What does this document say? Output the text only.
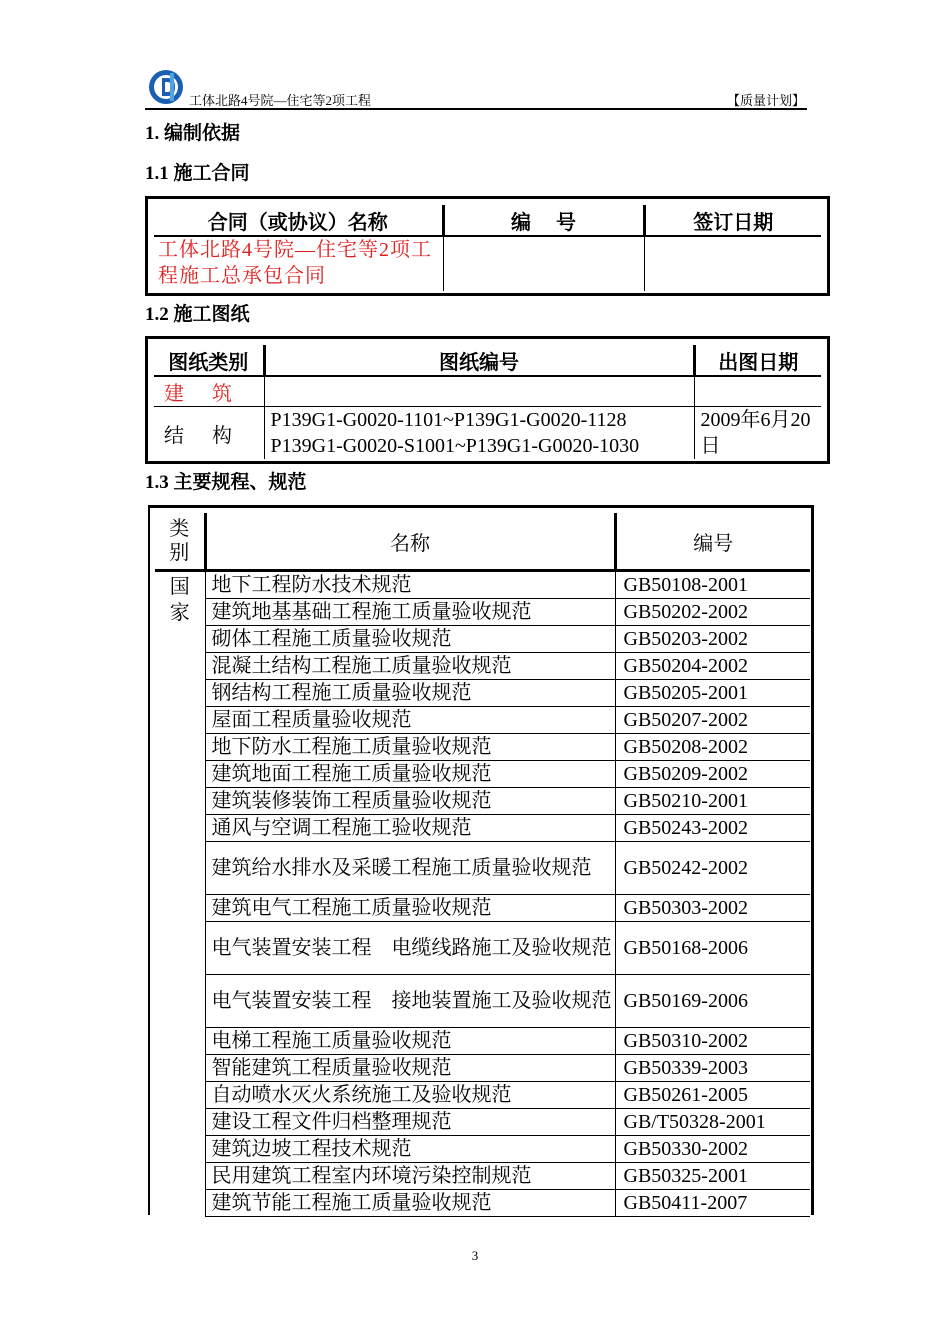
工体北路4号院—住宅等2项工程	【质量计划】
1. 编制依据
1.1 施工合同
合同（或协议）名称	编　 号	签订日期
工体北路4号院—住宅等2项工程施工总承包合同		
1.2 施工图纸
图纸类别	图纸编号	出图日期
建筑		
结构	P139G1-G0020-1101~P139G1-G0020-1128
P139G1-G0020-S1001~P139G1-G0020-1030	2009年6月20日
1.3 主要规程、规范
类
别	名称	编号
国
家	地下工程防水技术规范	GB50108-2001
	建筑地基基础工程施工质量验收规范	GB50202-2002
	砌体工程施工质量验收规范	GB50203-2002
	混凝土结构工程施工质量验收规范	GB50204-2002
	钢结构工程施工质量验收规范	GB50205-2001
	屋面工程质量验收规范	GB50207-2002
	地下防水工程施工质量验收规范	GB50208-2002
	建筑地面工程施工质量验收规范	GB50209-2002
	建筑装修装饰工程质量验收规范	GB50210-2001
	通风与空调工程施工验收规范	GB50243-2002
	建筑给水排水及采暖工程施工质量验收规范	GB50242-2002
	建筑电气工程施工质量验收规范	GB50303-2002
	电气装置安装工程　电缆线路施工及验收规范	GB50168-2006
	电气装置安装工程　接地装置施工及验收规范	GB50169-2006
	电梯工程施工质量验收规范	GB50310-2002
	智能建筑工程质量验收规范	GB50339-2003
	自动喷水灭火系统施工及验收规范	GB50261-2005
	建设工程文件归档整理规范	GB/T50328-2001
	建筑边坡工程技术规范	GB50330-2002
	民用建筑工程室内环境污染控制规范	GB50325-2001
	建筑节能工程施工质量验收规范	GB50411-2007
3
